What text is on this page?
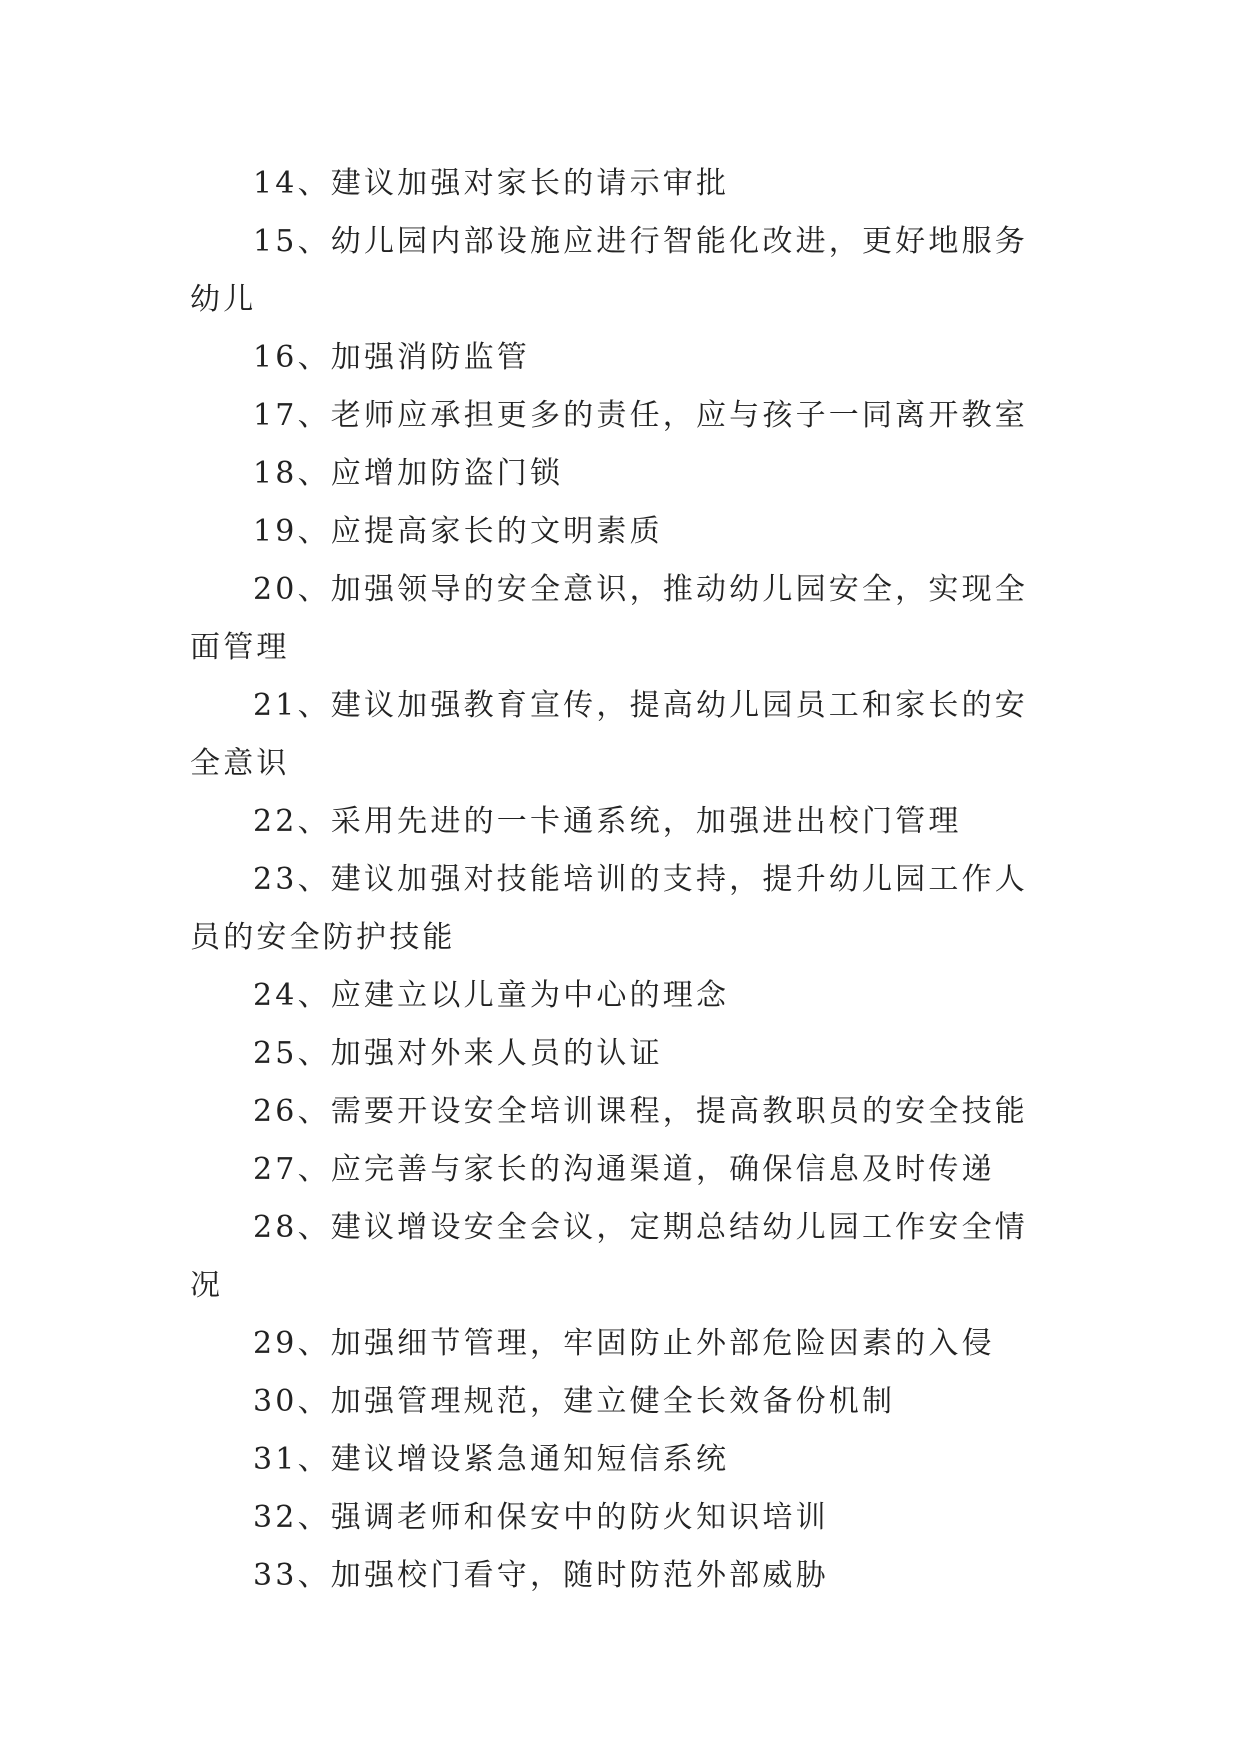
14、建议加强对家长的请示审批

15、幼儿园内部设施应进行智能化改进，更好地服务幼儿

16、加强消防监管

17、老师应承担更多的责任，应与孩子一同离开教室

18、应增加防盗门锁

19、应提高家长的文明素质

20、加强领导的安全意识，推动幼儿园安全，实现全面管理

21、建议加强教育宣传，提高幼儿园员工和家长的安全意识

22、采用先进的一卡通系统，加强进出校门管理

23、建议加强对技能培训的支持，提升幼儿园工作人员的安全防护技能

24、应建立以儿童为中心的理念

25、加强对外来人员的认证

26、需要开设安全培训课程，提高教职员的安全技能

27、应完善与家长的沟通渠道，确保信息及时传递

28、建议增设安全会议，定期总结幼儿园工作安全情况

29、加强细节管理，牢固防止外部危险因素的入侵

30、加强管理规范，建立健全长效备份机制

31、建议增设紧急通知短信系统

32、强调老师和保安中的防火知识培训

33、加强校门看守，随时防范外部威胁
